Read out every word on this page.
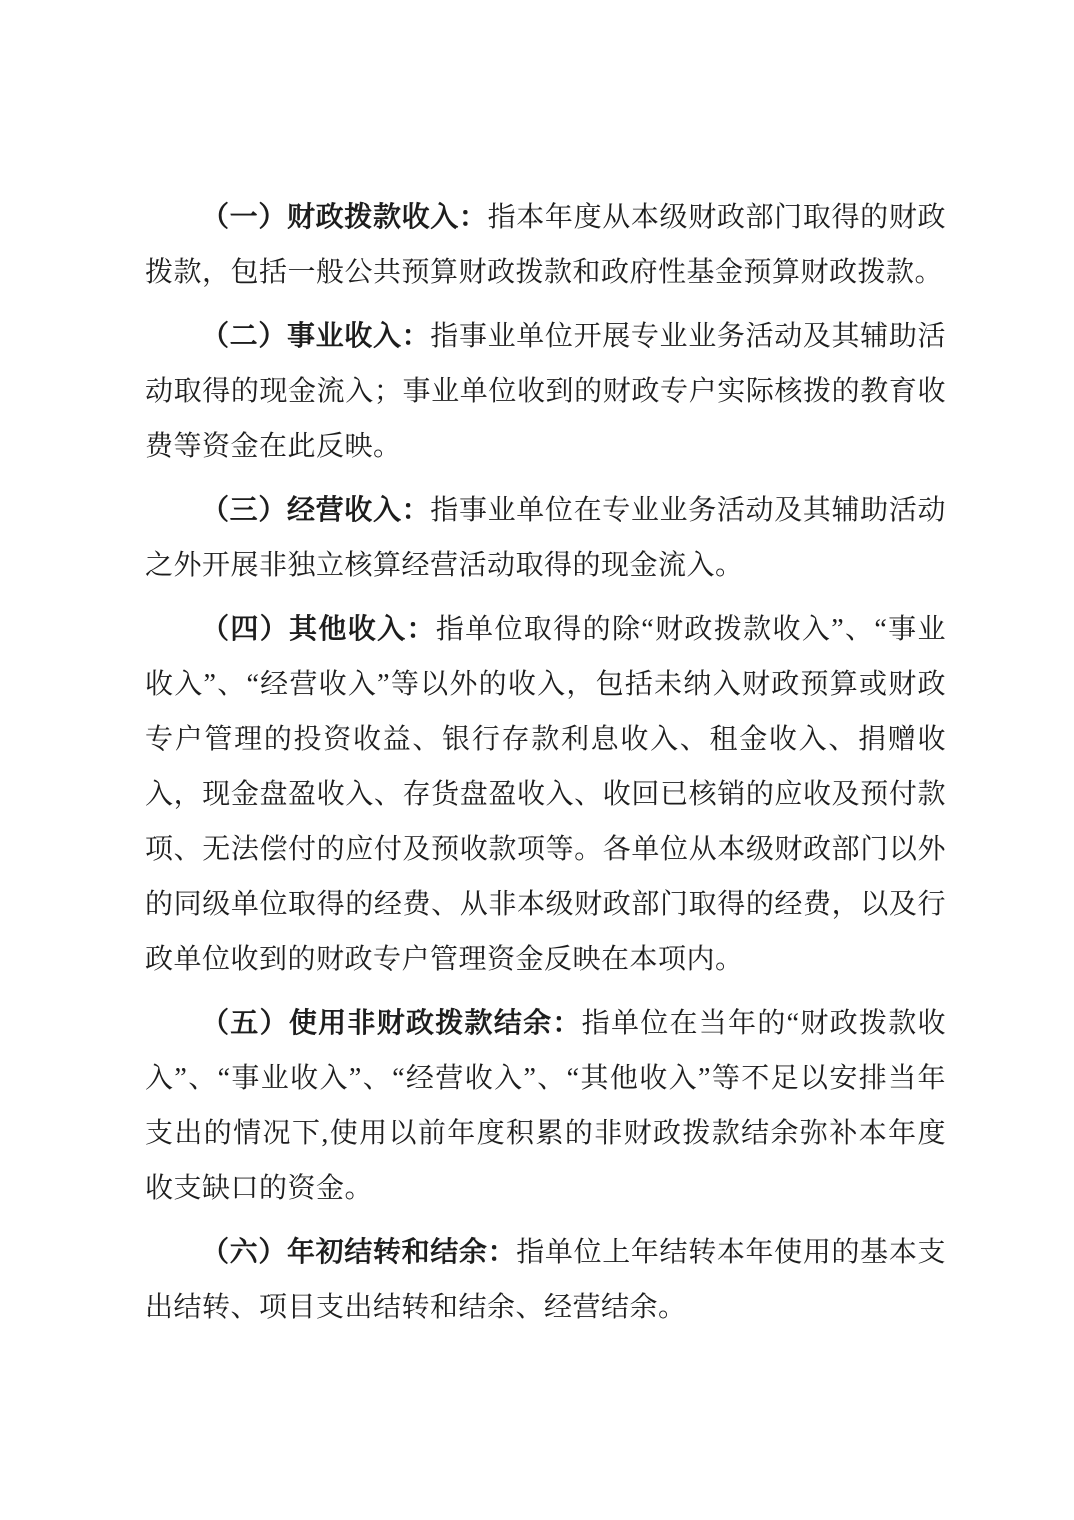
（一）财政拨款收入：指本年度从本级财政部门取得的财政拨款，包括一般公共预算财政拨款和政府性基金预算财政拨款。

（二）事业收入：指事业单位开展专业业务活动及其辅助活动取得的现金流入；事业单位收到的财政专户实际核拨的教育收费等资金在此反映。

（三）经营收入：指事业单位在专业业务活动及其辅助活动之外开展非独立核算经营活动取得的现金流入。

（四）其他收入：指单位取得的除“财政拨款收入”、“事业收入”、“经营收入”等以外的收入，包括未纳入财政预算或财政专户管理的投资收益、银行存款利息收入、租金收入、捐赠收入，现金盘盈收入、存货盘盈收入、收回已核销的应收及预付款项、无法偿付的应付及预收款项等。各单位从本级财政部门以外的同级单位取得的经费、从非本级财政部门取得的经费，以及行政单位收到的财政专户管理资金反映在本项内。

（五）使用非财政拨款结余：指单位在当年的“财政拨款收入”、“事业收入”、“经营收入”、“其他收入”等不足以安排当年支出的情况下,使用以前年度积累的非财政拨款结余弥补本年度收支缺口的资金。

（六）年初结转和结余：指单位上年结转本年使用的基本支出结转、项目支出结转和结余、经营结余。
